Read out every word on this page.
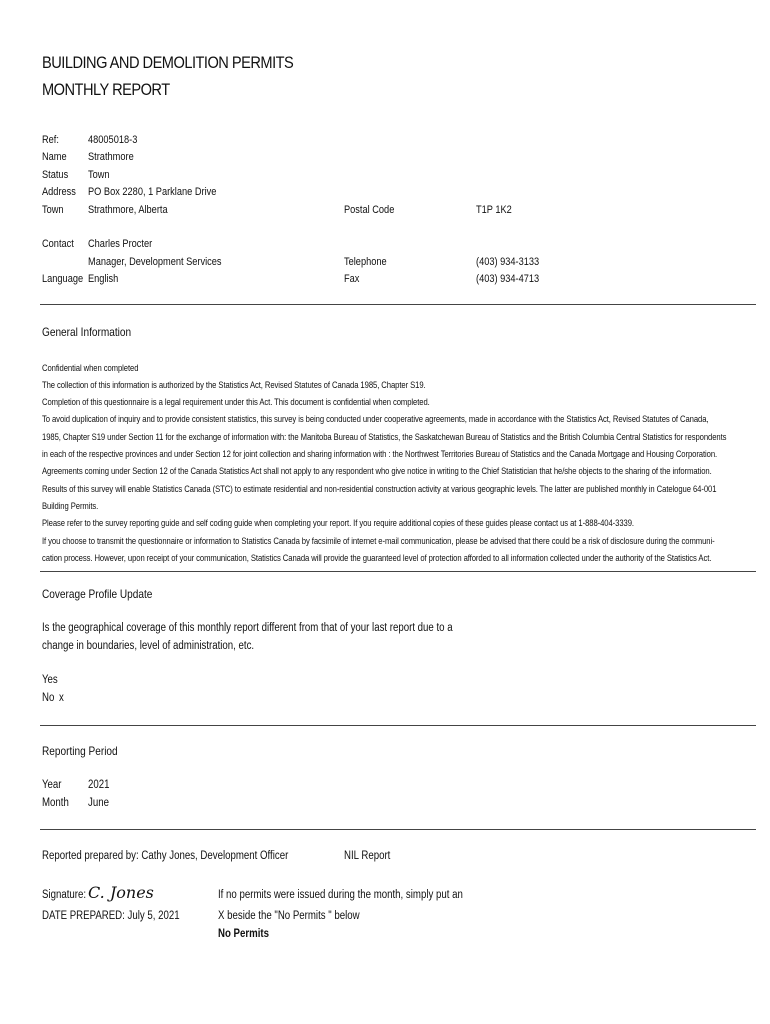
BUILDING AND DEMOLITION PERMITS
MONTHLY REPORT
Ref:	48005018-3
Name Strathmore
Status Town
Address PO Box 2280, 1 Parklane Drive
Town Strathmore, Alberta	Postal Code	T1P 1K2
Contact Charles Procter
Manager, Development Services	Telephone	(403) 934-3133
Language English	Fax	(403) 934-4713
General Information
Confidential when completed
The collection of this information is authorized by the Statistics Act, Revised Statutes of Canada 1985, Chapter S19.
Completion of this questionnaire is a legal requirement under this Act. This document is confidential when completed.
To avoid duplication of inquiry and to provide consistent statistics, this survey is being conducted under cooperative agreements, made in accordance with the Statistics Act, Revised Statutes of Canada,
1985, Chapter S19 under Section 11 for the exchange of information with: the Manitoba Bureau of Statistics, the Saskatchewan Bureau of Statistics and the British Columbia Central Statistics for respondents
in each of the respective provinces and under Section 12 for joint collection and sharing information with : the Northwest Territories Bureau of Statistics and the Canada Mortgage and Housing Corporation.
Agreements coming under Section 12 of the Canada Statistics Act shall not apply to any respondent who give notice in writing to the Chief Statistician that he/she objects to the sharing of the information.
Results of this survey will enable Statistics Canada (STC) to estimate residential and non-residential construction activity at various geographic levels. The latter are published monthly in Catelogue 64-001
Building Permits.
Please refer to the survey reporting guide and self coding guide when completing your report. If you require additional copies of these guides please contact us at 1-888-404-3339.
If you choose to transmit the questionnaire or information to Statistics Canada by facsimile of internet e-mail communication, please be advised that there could be a risk of disclosure during the communi-
cation process. However, upon receipt of your communication, Statistics Canada will provide the guaranteed level of protection afforded to all information collected under the authority of the Statistics Act.
Coverage Profile Update
Is the geographical coverage of this monthly report different from that of your last report due to a
change in boundaries, level of administration, etc.
Yes
No x
Reporting Period
Year 2021
Month June
Reported prepared by: Cathy Jones, Development Officer	NIL Report
Signature: C. Jones	If no permits were issued during the month, simply put an
DATE PREPARED: July 5, 2021	X beside the "No Permits " below
No Permits
